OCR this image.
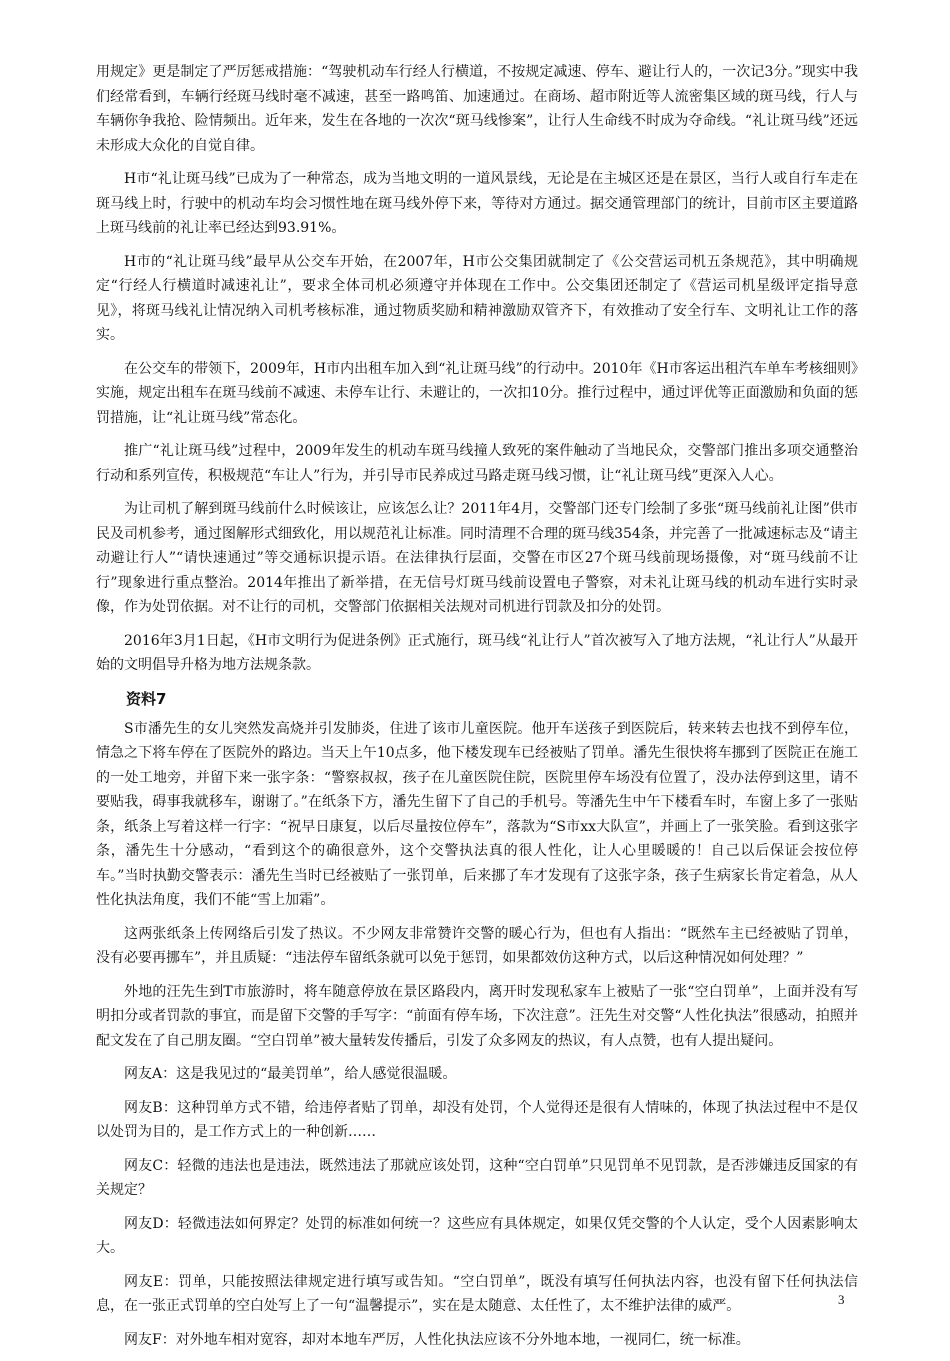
用规定》更是制定了严厉惩戒措施：“驾驶机动车行经人行横道，不按规定减速、停车、避让行人的，一次记3分。”现实中我们经常看到，车辆行经斑马线时毫不减速，甚至一路鸣笛、加速通过。在商场、超市附近等人流密集区域的斑马线，行人与车辆你争我抢、险情频出。近年来，发生在各地的一次次“斑马线惨案”，让行人生命线不时成为夺命线。“礼让斑马线”还远未形成大众化的自觉自律。

H市“礼让斑马线”已成为了一种常态，成为当地文明的一道风景线，无论是在主城区还是在景区，当行人或自行车走在斑马线上时，行驶中的机动车均会习惯性地在斑马线外停下来，等待对方通过。据交通管理部门的统计，目前市区主要道路上斑马线前的礼让率已经达到93.91%。

H市的“礼让斑马线”最早从公交车开始，在2007年，H市公交集团就制定了《公交营运司机五条规范》，其中明确规定“行经人行横道时减速礼让”，要求全体司机必须遵守并体现在工作中。公交集团还制定了《营运司机星级评定指导意见》，将斑马线礼让情况纳入司机考核标准，通过物质奖励和精神激励双管齐下，有效推动了安全行车、文明礼让工作的落实。

在公交车的带领下，2009年，H市内出租车加入到“礼让斑马线”的行动中。2010年《H市客运出租汽车单车考核细则》实施，规定出租车在斑马线前不减速、未停车让行、未避让的，一次扣10分。推行过程中，通过评优等正面激励和负面的惩罚措施，让“礼让斑马线”常态化。

推广“礼让斑马线”过程中，2009年发生的机动车斑马线撞人致死的案件触动了当地民众，交警部门推出多项交通整治行动和系列宣传，积极规范“车让人”行为，并引导市民养成过马路走斑马线习惯，让“礼让斑马线”更深入人心。

为让司机了解到斑马线前什么时候该让，应该怎么让？2011年4月，交警部门还专门绘制了多张“斑马线前礼让图”供市民及司机参考，通过图解形式细致化，用以规范礼让标准。同时清理不合理的斑马线354条，并完善了一批减速标志及“请主动避让行人”“请快速通过”等交通标识提示语。在法律执行层面，交警在市区27个斑马线前现场摄像，对“斑马线前不让行”现象进行重点整治。2014年推出了新举措，在无信号灯斑马线前设置电子警察，对未礼让斑马线的机动车进行实时录像，作为处罚依据。对不让行的司机，交警部门依据相关法规对司机进行罚款及扣分的处罚。

2016年3月1日起，《H市文明行为促进条例》正式施行，斑马线“礼让行人”首次被写入了地方法规，“礼让行人”从最开始的文明倡导升格为地方法规条款。

资料7

S市潘先生的女儿突然发高烧并引发肺炎，住进了该市儿童医院。他开车送孩子到医院后，转来转去也找不到停车位，情急之下将车停在了医院外的路边。当天上午10点多，他下楼发现车已经被贴了罚单。潘先生很快将车挪到了医院正在施工的一处工地旁，并留下来一张字条：“警察叔叔，孩子在儿童医院住院，医院里停车场没有位置了，没办法停到这里，请不要贴我，碍事我就移车，谢谢了。”在纸条下方，潘先生留下了自己的手机号。等潘先生中午下楼看车时，车窗上多了一张贴条，纸条上写着这样一行字：“祝早日康复，以后尽量按位停车”，落款为“S市xx大队宣”，并画上了一张笑脸。看到这张字条，潘先生十分感动，“看到这个的确很意外，这个交警执法真的很人性化，让人心里暖暖的！自己以后保证会按位停车。”当时执勤交警表示：潘先生当时已经被贴了一张罚单，后来挪了车才发现有了这张字条，孩子生病家长肯定着急，从人性化执法角度，我们不能“雪上加霜”。

这两张纸条上传网络后引发了热议。不少网友非常赞许交警的暖心行为，但也有人指出：“既然车主已经被贴了罚单，没有必要再挪车”，并且质疑：“违法停车留纸条就可以免于惩罚，如果都效仿这种方式，以后这种情况如何处理？”

外地的汪先生到T市旅游时，将车随意停放在景区路段内，离开时发现私家车上被贴了一张“空白罚单”，上面并没有写明扣分或者罚款的事宜，而是留下交警的手写字：“前面有停车场，下次注意”。汪先生对交警“人性化执法”很感动，拍照并配文发在了自己朋友圈。“空白罚单”被大量转发传播后，引发了众多网友的热议，有人点赞，也有人提出疑问。

网友A：这是我见过的“最美罚单”，给人感觉很温暖。

网友B：这种罚单方式不错，给违停者贴了罚单，却没有处罚，个人觉得还是很有人情味的，体现了执法过程中不是仅以处罚为目的，是工作方式上的一种创新……

网友C：轻微的违法也是违法，既然违法了那就应该处罚，这种“空白罚单”只见罚单不见罚款，是否涉嫌违反国家的有关规定？

网友D：轻微违法如何界定？处罚的标准如何统一？这些应有具体规定，如果仅凭交警的个人认定，受个人因素影响太大。

网友E：罚单，只能按照法律规定进行填写或告知。“空白罚单”，既没有填写任何执法内容，也没有留下任何执法信息，在一张正式罚单的空白处写上了一句“温馨提示”，实在是太随意、太任性了，太不维护法律的威严。

网友F：对外地车相对宽容，却对本地车严厉，人性化执法应该不分外地本地，一视同仁，统一标准。

3
